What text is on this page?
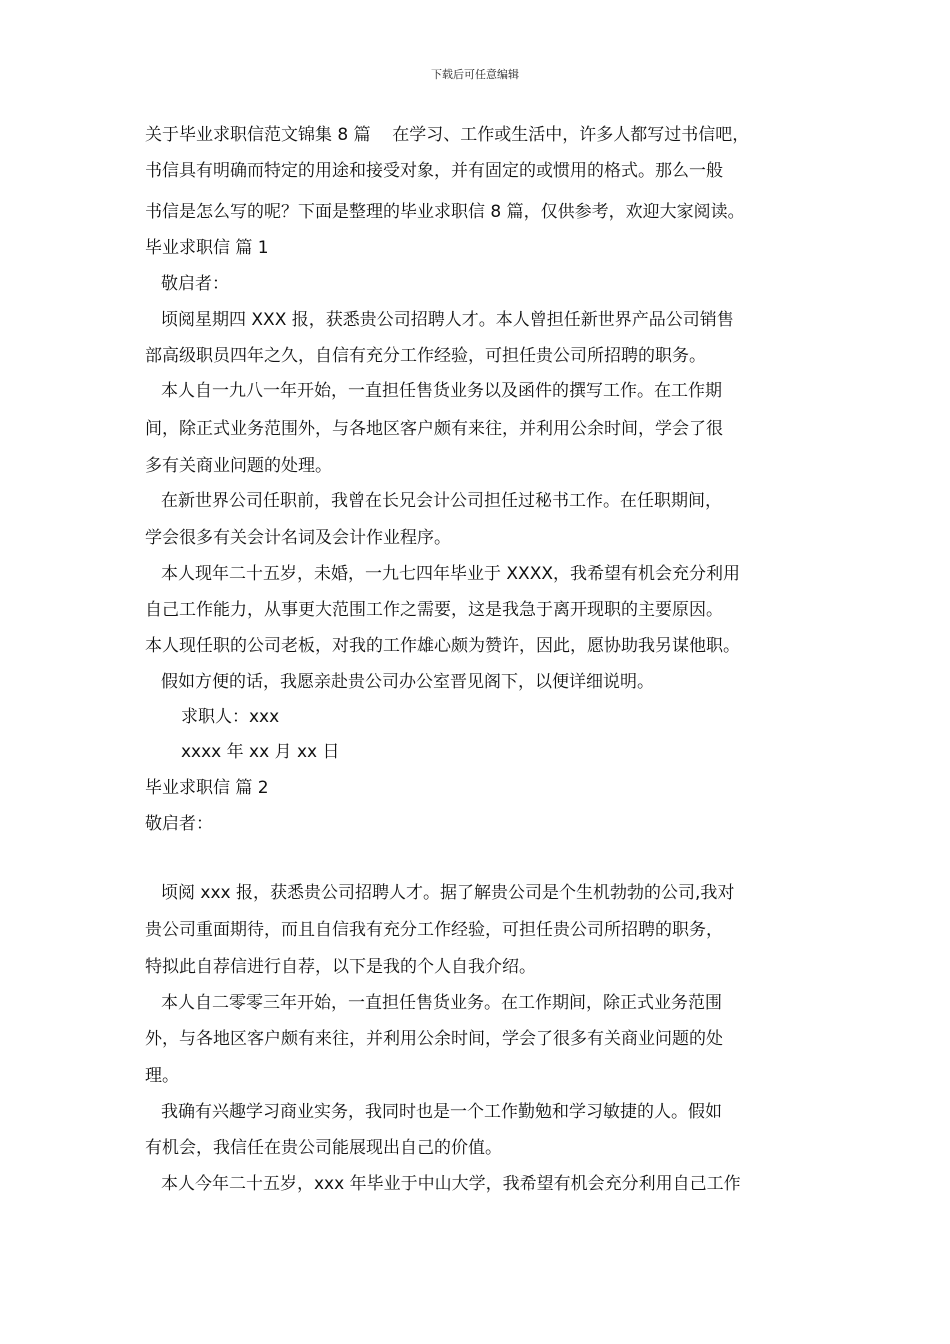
下载后可任意编辑
关于毕业求职信范文锦集 8 篇    在学习、工作或生活中，许多人都写过书信吧，
书信具有明确而特定的用途和接受对象，并有固定的或惯用的格式。那么一般
书信是怎么写的呢？下面是整理的毕业求职信 8 篇，仅供参考，欢迎大家阅读。
毕业求职信 篇 1
敬启者：
顷阅星期四 XXX 报，获悉贵公司招聘人才。本人曾担任新世界产品公司销售
部高级职员四年之久，自信有充分工作经验，可担任贵公司所招聘的职务。
本人自一九八一年开始，一直担任售货业务以及函件的撰写工作。在工作期
间，除正式业务范围外，与各地区客户颇有来往，并利用公余时间，学会了很
多有关商业问题的处理。
在新世界公司任职前，我曾在长兄会计公司担任过秘书工作。在任职期间，
学会很多有关会计名词及会计作业程序。
本人现年二十五岁，未婚，一九七四年毕业于 XXXX，我希望有机会充分利用
自己工作能力，从事更大范围工作之需要，这是我急于离开现职的主要原因。
本人现任职的公司老板，对我的工作雄心颇为赞许，因此，愿协助我另谋他职。
假如方便的话，我愿亲赴贵公司办公室晋见阁下，以便详细说明。
求职人：xxx
xxxx 年 xx 月 xx 日
毕业求职信 篇 2
敬启者：
顷阅 xxx 报，获悉贵公司招聘人才。据了解贵公司是个生机勃勃的公司,我对
贵公司重面期待，而且自信我有充分工作经验，可担任贵公司所招聘的职务，
特拟此自荐信进行自荐，以下是我的个人自我介绍。
本人自二零零三年开始，一直担任售货业务。在工作期间，除正式业务范围
外，与各地区客户颇有来往，并利用公余时间，学会了很多有关商业问题的处
理。
我确有兴趣学习商业实务，我同时也是一个工作勤勉和学习敏捷的人。假如
有机会，我信任在贵公司能展现出自己的价值。
本人今年二十五岁，xxx 年毕业于中山大学，我希望有机会充分利用自己工作
